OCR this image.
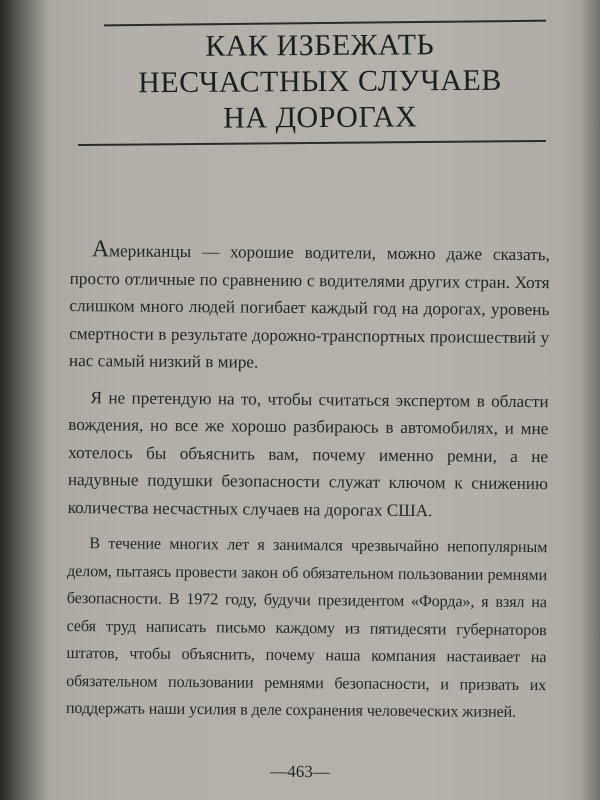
КАК ИЗБЕЖАТЬ
НЕСЧАСТНЫХ СЛУЧАЕВ
НА ДОРОГАХ

Американцы — хорошие водители, можно даже сказать, просто отличные по сравнению с водителями других стран. Хотя слишком много людей погибает каждый год на дорогах, уровень смертности в результате дорожно-транспортных происшествий у нас самый низкий в мире.

Я не претендую на то, чтобы считаться экспертом в области вождения, но все же хорошо разбираюсь в автомобилях, и мне хотелось бы объяснить вам, почему именно ремни, а не надувные подушки безопасности служат ключом к снижению количества несчастных случаев на дорогах США.

В течение многих лет я занимался чрезвычайно непопулярным делом, пытаясь провести закон об обязательном пользовании ремнями безопасности. В 1972 году, будучи президентом «Форда», я взял на себя труд написать письмо каждому из пятидесяти губернаторов штатов, чтобы объяснить, почему наша компания настаивает на обязательном пользовании ремнями безопасности, и призвать их поддержать наши усилия в деле сохранения человеческих жизней.

—463—
